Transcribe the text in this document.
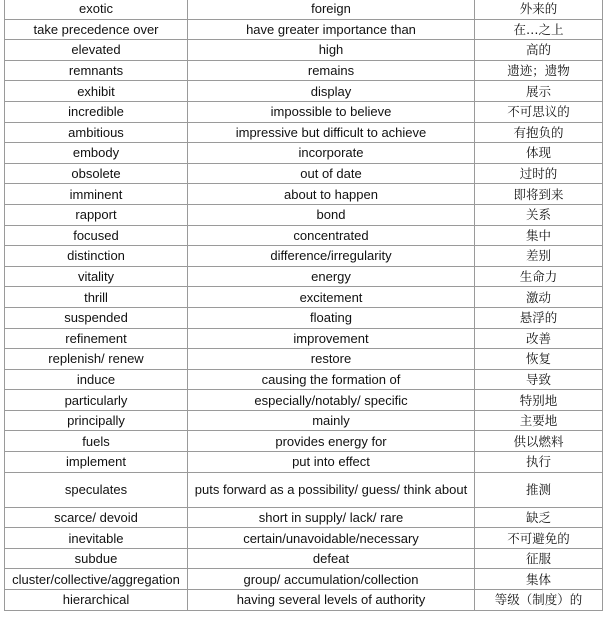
exotic	foreign	外来的
take precedence over	have greater importance than	在…之上
elevated	high	高的
remnants	remains	遗迹；遗物
exhibit	display	展示
incredible	impossible to believe	不可思议的
ambitious	impressive but difficult to achieve	有抱负的
embody	incorporate	体现
obsolete	out of date	过时的
imminent	about to happen	即将到来
rapport	bond	关系
focused	concentrated	集中
distinction	difference/irregularity	差别
vitality	energy	生命力
thrill	excitement	激动
suspended	floating	悬浮的
refinement	improvement	改善
replenish/ renew	restore	恢复
induce	causing the formation of	导致
particularly	especially/notably/ specific	特别地
principally	mainly	主要地
fuels	provides energy for	供以燃料
implement	put into effect	执行
speculates	puts forward as a possibility/ guess/ think about	推测
scarce/ devoid	short in supply/ lack/ rare	缺乏
inevitable	certain/unavoidable/necessary	不可避免的
subdue	defeat	征服
cluster/collective/aggregation	group/ accumulation/collection	集体
hierarchical	having several levels of authority	等级（制度）的
